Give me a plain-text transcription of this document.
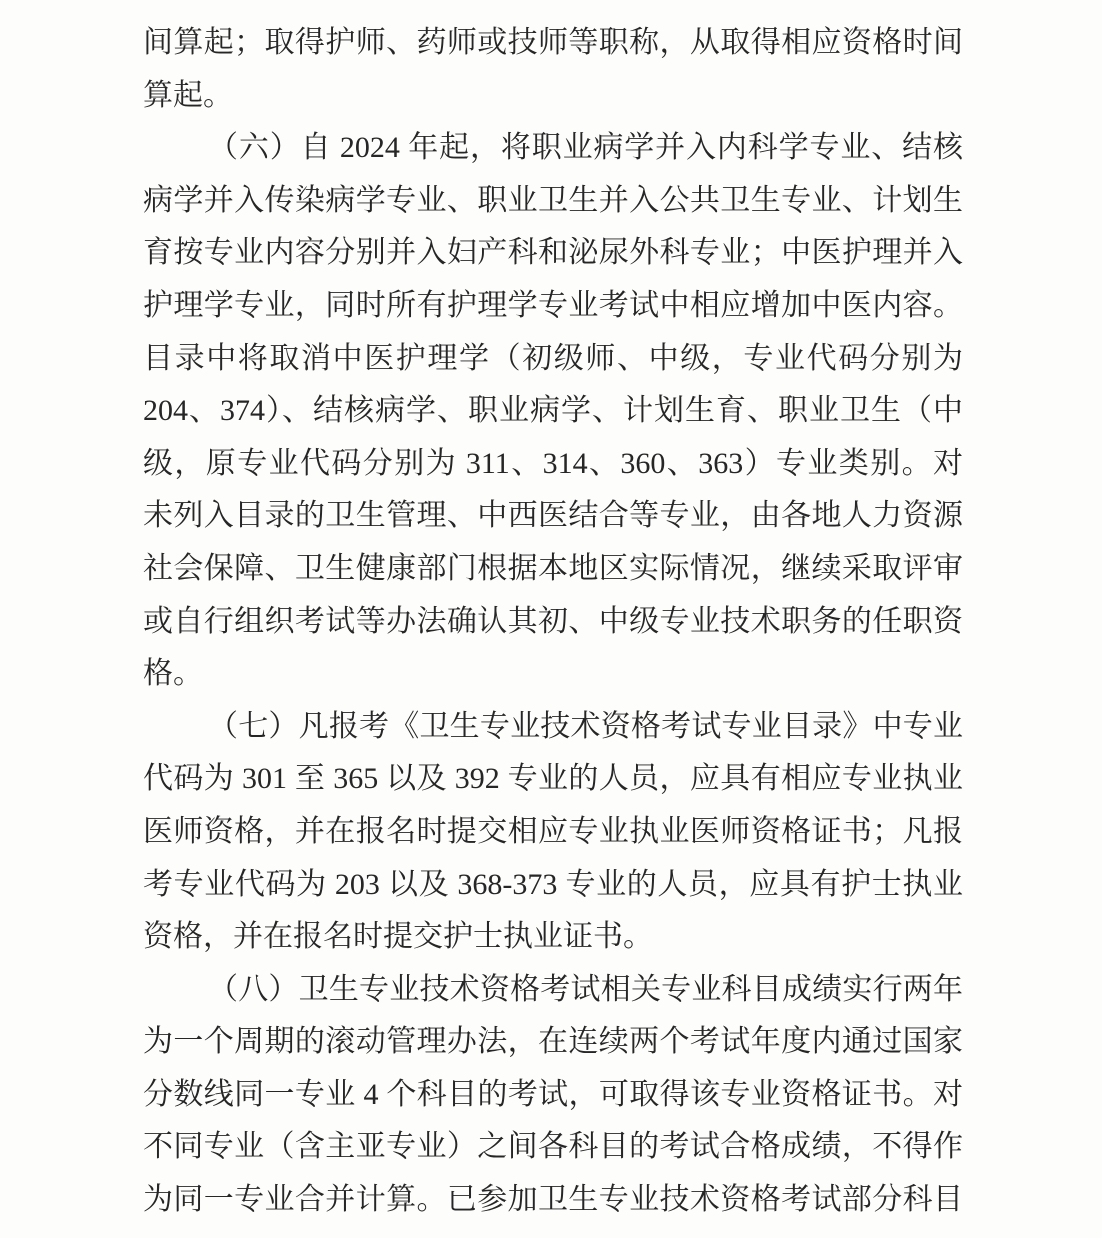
间算起；取得护师、药师或技师等职称，从取得相应资格时间
算起。
（六）自 2024 年起，将职业病学并入内科学专业、结核
病学并入传染病学专业、职业卫生并入公共卫生专业、计划生
育按专业内容分别并入妇产科和泌尿外科专业；中医护理并入
护理学专业，同时所有护理学专业考试中相应增加中医内容。
目录中将取消中医护理学（初级师、中级，专业代码分别为
204、374）、结核病学、职业病学、计划生育、职业卫生（中
级，原专业代码分别为 311、314、360、363）专业类别。对
未列入目录的卫生管理、中西医结合等专业，由各地人力资源
社会保障、卫生健康部门根据本地区实际情况，继续采取评审
或自行组织考试等办法确认其初、中级专业技术职务的任职资
格。
（七）凡报考《卫生专业技术资格考试专业目录》中专业
代码为 301 至 365 以及 392 专业的人员，应具有相应专业执业
医师资格，并在报名时提交相应专业执业医师资格证书；凡报
考专业代码为 203 以及 368-373 专业的人员，应具有护士执业
资格，并在报名时提交护士执业证书。
（八）卫生专业技术资格考试相关专业科目成绩实行两年
为一个周期的滚动管理办法，在连续两个考试年度内通过国家
分数线同一专业 4 个科目的考试，可取得该专业资格证书。对
不同专业（含主亚专业）之间各科目的考试合格成绩，不得作
为同一专业合并计算。已参加卫生专业技术资格考试部分科目
